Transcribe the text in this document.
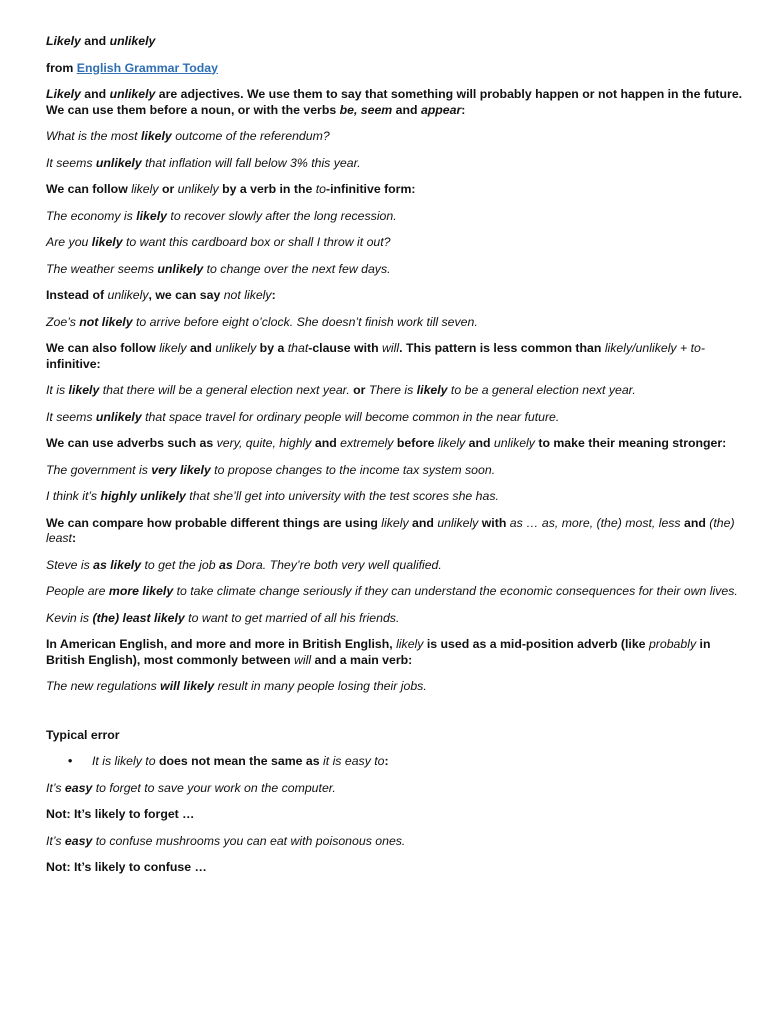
Likely and unlikely

from English Grammar Today

Likely and unlikely are adjectives. We use them to say that something will probably happen or not happen in the future. We can use them before a noun, or with the verbs be, seem and appear:

What is the most likely outcome of the referendum?

It seems unlikely that inflation will fall below 3% this year.

We can follow likely or unlikely by a verb in the to-infinitive form:

The economy is likely to recover slowly after the long recession.

Are you likely to want this cardboard box or shall I throw it out?

The weather seems unlikely to change over the next few days.

Instead of unlikely, we can say not likely:

Zoe’s not likely to arrive before eight o’clock. She doesn’t finish work till seven.

We can also follow likely and unlikely by a that-clause with will. This pattern is less common than likely/unlikely + to-infinitive:

It is likely that there will be a general election next year. or There is likely to be a general election next year.

It seems unlikely that space travel for ordinary people will become common in the near future.

We can use adverbs such as very, quite, highly and extremely before likely and unlikely to make their meaning stronger:

The government is very likely to propose changes to the income tax system soon.

I think it’s highly unlikely that she’ll get into university with the test scores she has.

We can compare how probable different things are using likely and unlikely with as … as, more, (the) most, less and (the) least:

Steve is as likely to get the job as Dora. They’re both very well qualified.

People are more likely to take climate change seriously if they can understand the economic consequences for their own lives.

Kevin is (the) least likely to want to get married of all his friends.

In American English, and more and more in British English, likely is used as a mid-position adverb (like probably in British English), most commonly between will and a main verb:

The new regulations will likely result in many people losing their jobs.

Typical error

• It is likely to does not mean the same as it is easy to:

It’s easy to forget to save your work on the computer.

Not: It’s likely to forget …

It’s easy to confuse mushrooms you can eat with poisonous ones.

Not: It’s likely to confuse …
